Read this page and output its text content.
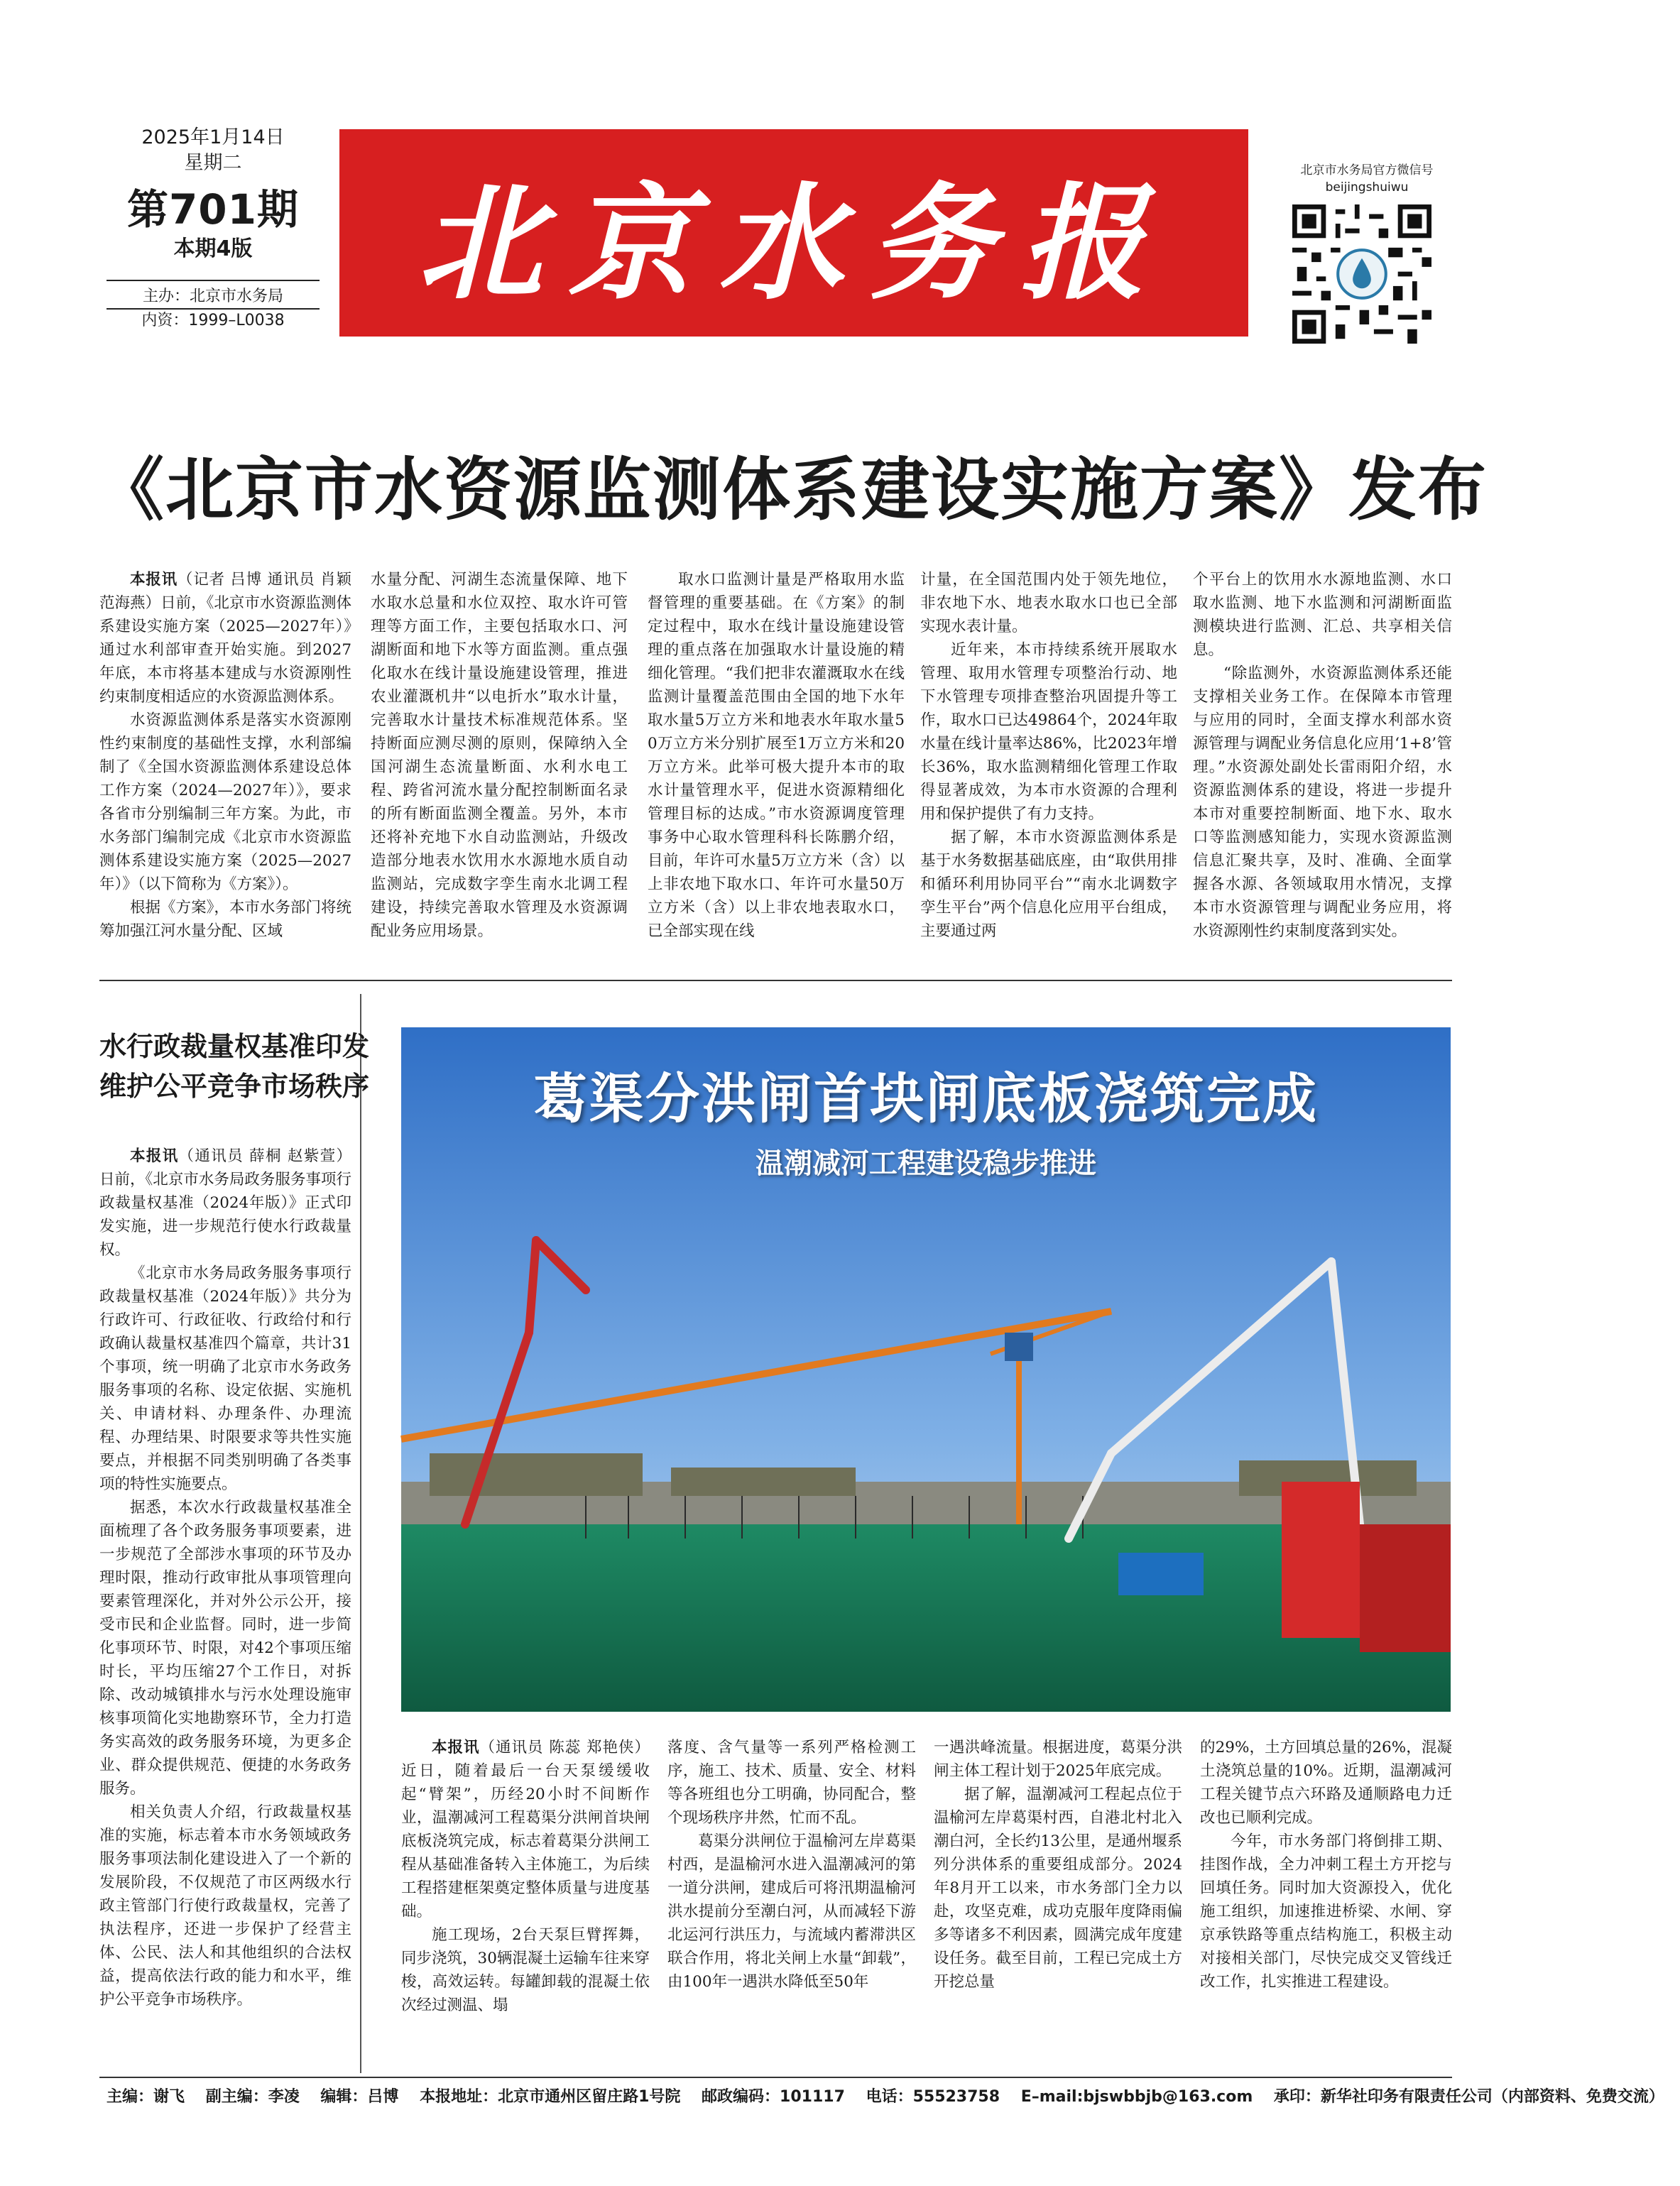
2025年1月14日
星期二
第701期
本期4版
主办：北京市水务局
内资：1999–L0038
北京水务报	北京市水务局官方微信号
beijingshuiwu
《北京市水资源监测体系建设实施方案》发布

本报讯（记者 吕博 通讯员 肖颖 范海燕）日前，《北京市水资源监测体系建设实施方案（2025—2027年）》通过水利部审查开始实施。到2027年底，本市将基本建成与水资源刚性约束制度相适应的水资源监测体系。

水资源监测体系是落实水资源刚性约束制度的基础性支撑，水利部编制了《全国水资源监测体系建设总体工作方案（2024—2027年）》，要求各省市分别编制三年方案。为此，市水务部门编制完成《北京市水资源监测体系建设实施方案（2025—2027年）》（以下简称为《方案》）。

根据《方案》，本市水务部门将统筹加强江河水量分配、区域

水量分配、河湖生态流量保障、地下水取水总量和水位双控、取水许可管理等方面工作，主要包括取水口、河湖断面和地下水等方面监测。重点强化取水在线计量设施建设管理，推进农业灌溉机井“以电折水”取水计量，完善取水计量技术标准规范体系。坚持断面应测尽测的原则，保障纳入全国河湖生态流量断面、水利水电工程、跨省河流水量分配控制断面名录的所有断面监测全覆盖。另外，本市还将补充地下水自动监测站，升级改造部分地表水饮用水水源地水质自动监测站，完成数字孪生南水北调工程建设，持续完善取水管理及水资源调配业务应用场景。

取水口监测计量是严格取用水监督管理的重要基础。在《方案》的制定过程中，取水在线计量设施建设管理的重点落在加强取水计量设施的精细化管理。“我们把非农灌溉取水在线监测计量覆盖范围由全国的地下水年取水量5万立方米和地表水年取水量50万立方米分别扩展至1万立方米和20万立方米。此举可极大提升本市的取水计量管理水平，促进水资源精细化管理目标的达成。”市水资源调度管理事务中心取水管理科科长陈鹏介绍，目前，年许可水量5万立方米（含）以上非农地下取水口、年许可水量50万立方米（含）以上非农地表取水口，已全部实现在线

计量，在全国范围内处于领先地位，非农地下水、地表水取水口也已全部实现水表计量。

近年来，本市持续系统开展取水管理、取用水管理专项整治行动、地下水管理专项排查整治巩固提升等工作，取水口已达49864个，2024年取水量在线计量率达86%，比2023年增长36%，取水监测精细化管理工作取得显著成效，为本市水资源的合理利用和保护提供了有力支持。

据了解，本市水资源监测体系是基于水务数据基础底座，由“取供用排和循环利用协同平台”“南水北调数字孪生平台”两个信息化应用平台组成，主要通过两

个平台上的饮用水水源地监测、水口取水监测、地下水监测和河湖断面监测模块进行监测、汇总、共享相关信息。

“除监测外，水资源监测体系还能支撑相关业务工作。在保障本市管理与应用的同时，全面支撑水利部水资源管理与调配业务信息化应用‘1+8’管理。”水资源处副处长雷雨阳介绍，水资源监测体系的建设，将进一步提升本市对重要控制断面、地下水、取水口等监测感知能力，实现水资源监测信息汇聚共享，及时、准确、全面掌握各水源、各领域取用水情况，支撑本市水资源管理与调配业务应用，将水资源刚性约束制度落到实处。

水行政裁量权基准印发
维护公平竞争市场秩序

本报讯（通讯员 薛桐 赵紫萱）日前，《北京市水务局政务服务事项行政裁量权基准（2024年版）》正式印发实施，进一步规范行使水行政裁量权。

《北京市水务局政务服务事项行政裁量权基准（2024年版）》共分为行政许可、行政征收、行政给付和行政确认裁量权基准四个篇章，共计31个事项，统一明确了北京市水务政务服务事项的名称、设定依据、实施机关、申请材料、办理条件、办理流程、办理结果、时限要求等共性实施要点，并根据不同类别明确了各类事项的特性实施要点。

据悉，本次水行政裁量权基准全面梳理了各个政务服务事项要素，进一步规范了全部涉水事项的环节及办理时限，推动行政审批从事项管理向要素管理深化，并对外公示公开，接受市民和企业监督。同时，进一步简化事项环节、时限，对42个事项压缩时长，平均压缩27个工作日，对拆除、改动城镇排水与污水处理设施审核事项简化实地勘察环节，全力打造务实高效的政务服务环境，为更多企业、群众提供规范、便捷的水务政务服务。

相关负责人介绍，行政裁量权基准的实施，标志着本市水务领域政务服务事项法制化建设进入了一个新的发展阶段，不仅规范了市区两级水行政主管部门行使行政裁量权，完善了执法程序，还进一步保护了经营主体、公民、法人和其他组织的合法权益，提高依法行政的能力和水平，维护公平竞争市场秩序。

葛渠分洪闸首块闸底板浇筑完成
温潮减河工程建设稳步推进

本报讯（通讯员 陈蕊 郑艳侠）近日，随着最后一台天泵缓缓收起“臂架”，历经20小时不间断作业，温潮减河工程葛渠分洪闸首块闸底板浇筑完成，标志着葛渠分洪闸工程从基础准备转入主体施工，为后续工程搭建框架奠定整体质量与进度基础。

施工现场，2台天泵巨臂挥舞，同步浇筑，30辆混凝土运输车往来穿梭，高效运转。每罐卸载的混凝土依次经过测温、塌

落度、含气量等一系列严格检测工序，施工、技术、质量、安全、材料等各班组也分工明确，协同配合，整个现场秩序井然，忙而不乱。

葛渠分洪闸位于温榆河左岸葛渠村西，是温榆河水进入温潮减河的第一道分洪闸，建成后可将汛期温榆河洪水提前分至潮白河，从而减轻下游北运河行洪压力，与流域内蓄滞洪区联合作用，将北关闸上水量“卸载”，由100年一遇洪水降低至50年

一遇洪峰流量。根据进度，葛渠分洪闸主体工程计划于2025年底完成。

据了解，温潮减河工程起点位于温榆河左岸葛渠村西，自港北村北入潮白河，全长约13公里，是通州堰系列分洪体系的重要组成部分。2024年8月开工以来，市水务部门全力以赴，攻坚克难，成功克服年度降雨偏多等诸多不利因素，圆满完成年度建设任务。截至目前，工程已完成土方开挖总量

的29%，土方回填总量的26%，混凝土浇筑总量的10%。近期，温潮减河工程关键节点六环路及通顺路电力迁改也已顺利完成。

今年，市水务部门将倒排工期、挂图作战，全力冲刺工程土方开挖与回填任务。同时加大资源投入，优化施工组织，加速推进桥梁、水闸、穿京承铁路等重点结构施工，积极主动对接相关部门，尽快完成交叉管线迁改工作，扎实推进工程建设。

主编：谢飞 副主编：李凌 编辑：吕博 本报地址：北京市通州区留庄路1号院 邮政编码：101117 电话：55523758 E–mail:bjswbbjb@163.com 承印：新华社印务有限责任公司（内部资料、免费交流）
